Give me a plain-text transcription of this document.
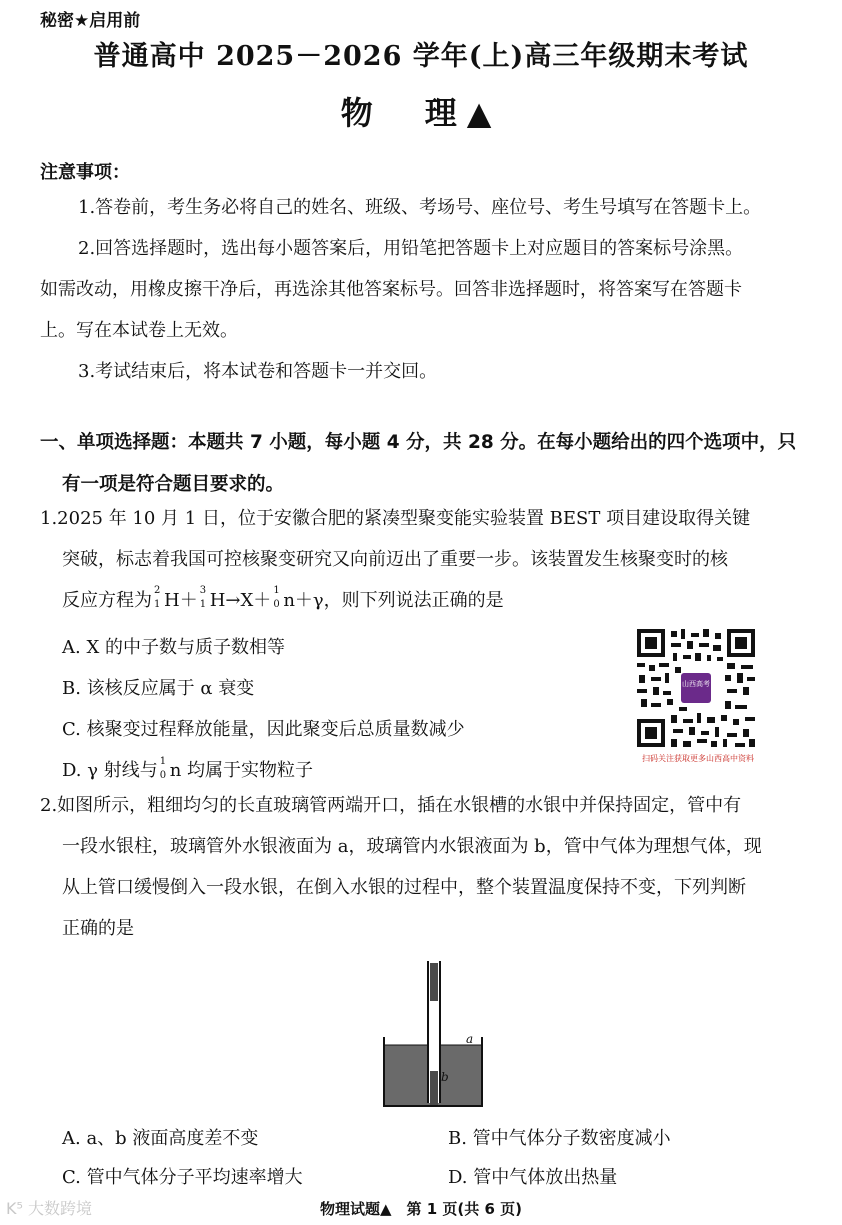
秘密★启用前
普通高中 2025－2026 学年(上)高三年级期末考试
物　理▲
注意事项：
1.答卷前，考生务必将自己的姓名、班级、考场号、座位号、考生号填写在答题卡上。
2.回答选择题时，选出每小题答案后，用铅笔把答题卡上对应题目的答案标号涂黑。
如需改动，用橡皮擦干净后，再选涂其他答案标号。回答非选择题时，将答案写在答题卡
上。写在本试卷上无效。
3.考试结束后，将本试卷和答题卡一并交回。
一、单项选择题：本题共 7 小题，每小题 4 分，共 28 分。在每小题给出的四个选项中，只
有一项是符合题目要求的。
1.2025 年 10 月 1 日，位于安徽合肥的紧凑型聚变能实验装置 BEST 项目建设取得关键
突破，标志着我国可控核聚变研究又向前迈出了重要一步。该装置发生核聚变时的核
反应方程为 2
1 H＋ 3
1 H→X＋ 1
0 n＋γ，则下列说法正确的是
A. X 的中子数与质子数相等
B. 该核反应属于 α 衰变
C. 核聚变过程释放能量，因此聚变后总质量数减少
D. γ 射线与 1
0 n 均属于实物粒子
山西高考
扫码关注获取更多山西高中资料
2.如图所示，粗细均匀的长直玻璃管两端开口，插在水银槽的水银中并保持固定，管中有
一段水银柱，玻璃管外水银液面为 a，玻璃管内水银液面为 b，管中气体为理想气体，现
从上管口缓慢倒入一段水银，在倒入水银的过程中，整个装置温度保持不变，下列判断
正确的是
a
b
A. a、b 液面高度差不变	B. 管中气体分子数密度减小
C. 管中气体分子平均速率增大	D. 管中气体放出热量
K⁵ 大数跨境	物理试题▲　第 1 页(共 6 页)
